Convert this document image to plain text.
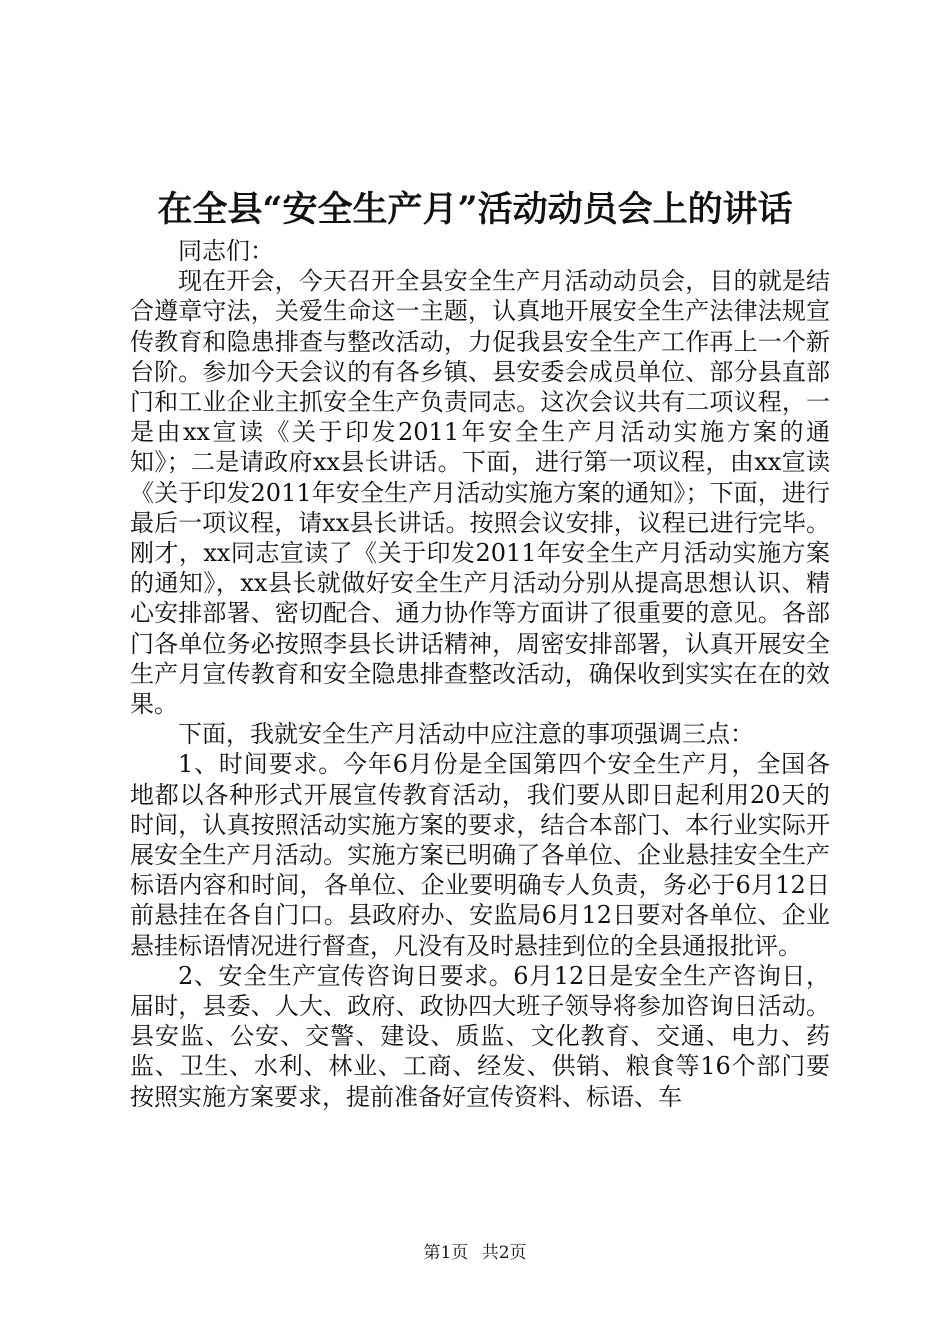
在全县“安全生产月”活动动员会上的讲话

同志们：

现在开会，今天召开全县安全生产月活动动员会，目的就是结合遵章守法，关爱生命这一主题，认真地开展安全生产法律法规宣传教育和隐患排查与整改活动，力促我县安全生产工作再上一个新台阶。参加今天会议的有各乡镇、县安委会成员单位、部分县直部门和工业企业主抓安全生产负责同志。这次会议共有二项议程，一是由xx宣读《关于印发2011年安全生产月活动实施方案的通知》；二是请政府xx县长讲话。下面，进行第一项议程，由xx宣读《关于印发2011年安全生产月活动实施方案的通知》；下面，进行最后一项议程，请xx县长讲话。按照会议安排，议程已进行完毕。刚才，xx同志宣读了《关于印发2011年安全生产月活动实施方案的通知》，xx县长就做好安全生产月活动分别从提高思想认识、精心安排部署、密切配合、通力协作等方面讲了很重要的意见。各部门各单位务必按照李县长讲话精神，周密安排部署，认真开展安全生产月宣传教育和安全隐患排查整改活动，确保收到实实在在的效果。

下面，我就安全生产月活动中应注意的事项强调三点：

1、时间要求。今年6月份是全国第四个安全生产月，全国各地都以各种形式开展宣传教育活动，我们要从即日起利用20天的时间，认真按照活动实施方案的要求，结合本部门、本行业实际开展安全生产月活动。实施方案已明确了各单位、企业悬挂安全生产标语内容和时间，各单位、企业要明确专人负责，务必于6月12日前悬挂在各自门口。县政府办、安监局6月12日要对各单位、企业悬挂标语情况进行督查，凡没有及时悬挂到位的全县通报批评。

2、安全生产宣传咨询日要求。6月12日是安全生产咨询日，届时，县委、人大、政府、政协四大班子领导将参加咨询日活动。县安监、公安、交警、建设、质监、文化教育、交通、电力、药监、卫生、水利、林业、工商、经发、供销、粮食等16个部门要按照实施方案要求，提前准备好宣传资料、标语、车

第1页 共2页
